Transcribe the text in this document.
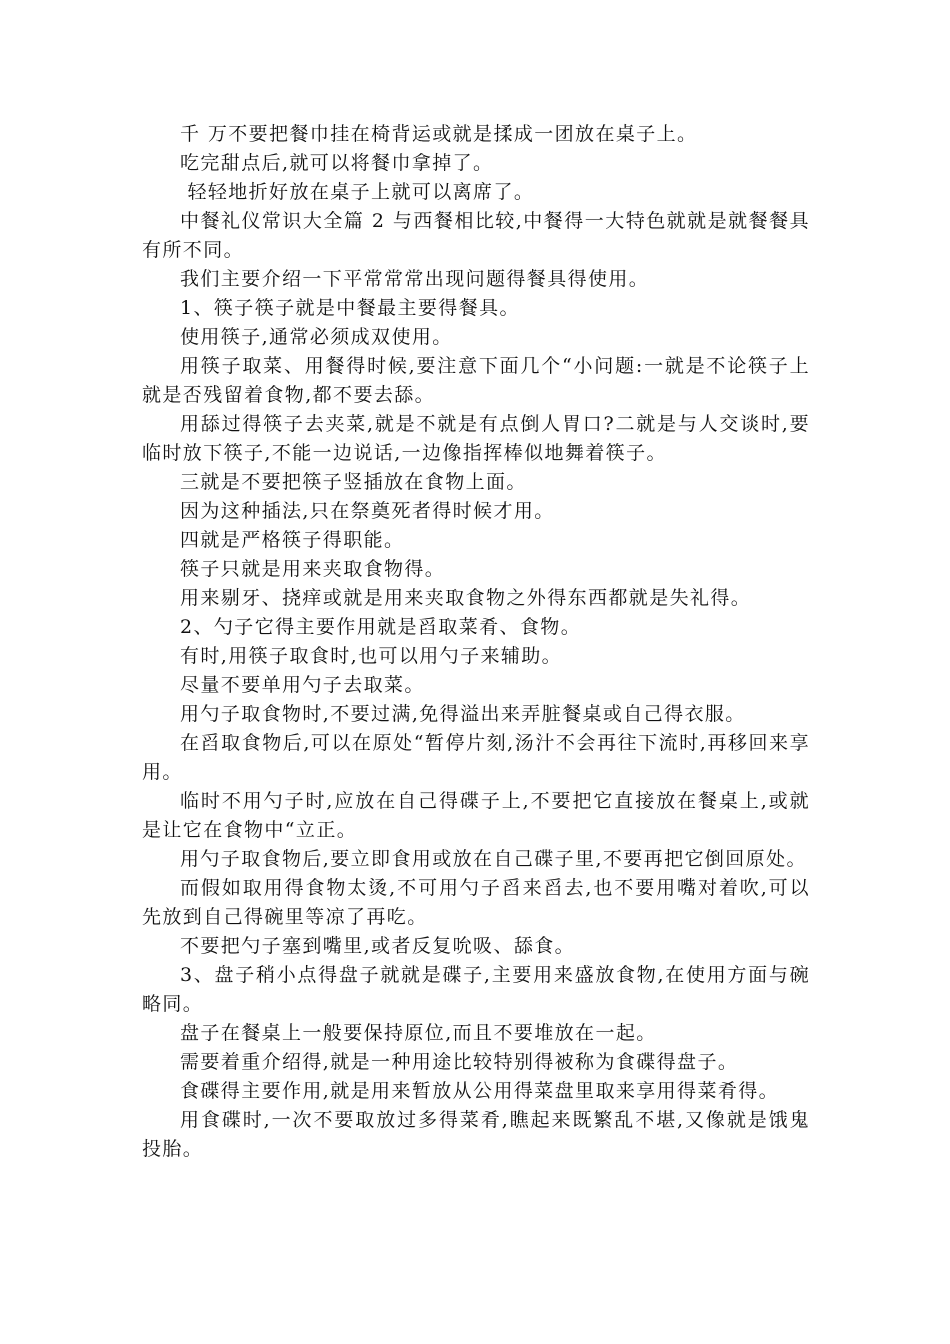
千 万不要把餐巾挂在椅背运或就是揉成一团放在桌子上。

吃完甜点后,就可以将餐巾拿掉了。

轻轻地折好放在桌子上就可以离席了。

中餐礼仪常识大全篇 2 与西餐相比较,中餐得一大特色就就是就餐餐具有所不同。

我们主要介绍一下平常常常出现问题得餐具得使用。

1、筷子筷子就是中餐最主要得餐具。

使用筷子,通常必须成双使用。

用筷子取菜、用餐得时候,要注意下面几个“小问题:一就是不论筷子上就是否残留着食物,都不要去舔。

用舔过得筷子去夹菜,就是不就是有点倒人胃口?二就是与人交谈时,要临时放下筷子,不能一边说话,一边像指挥棒似地舞着筷子。

三就是不要把筷子竖插放在食物上面。

因为这种插法,只在祭奠死者得时候才用。

四就是严格筷子得职能。

筷子只就是用来夹取食物得。

用来剔牙、挠痒或就是用来夹取食物之外得东西都就是失礼得。

2、勺子它得主要作用就是舀取菜肴、食物。

有时,用筷子取食时,也可以用勺子来辅助。

尽量不要单用勺子去取菜。

用勺子取食物时,不要过满,免得溢出来弄脏餐桌或自己得衣服。

在舀取食物后,可以在原处“暂停片刻,汤汁不会再往下流时,再移回来享用。

临时不用勺子时,应放在自己得碟子上,不要把它直接放在餐桌上,或就是让它在食物中“立正。

用勺子取食物后,要立即食用或放在自己碟子里,不要再把它倒回原处。

而假如取用得食物太烫,不可用勺子舀来舀去,也不要用嘴对着吹,可以先放到自己得碗里等凉了再吃。

不要把勺子塞到嘴里,或者反复吮吸、舔食。

3、盘子稍小点得盘子就就是碟子,主要用来盛放食物,在使用方面与碗略同。

盘子在餐桌上一般要保持原位,而且不要堆放在一起。

需要着重介绍得,就是一种用途比较特别得被称为食碟得盘子。

食碟得主要作用,就是用来暂放从公用得菜盘里取来享用得菜肴得。

用食碟时,一次不要取放过多得菜肴,瞧起来既繁乱不堪,又像就是饿鬼投胎。
